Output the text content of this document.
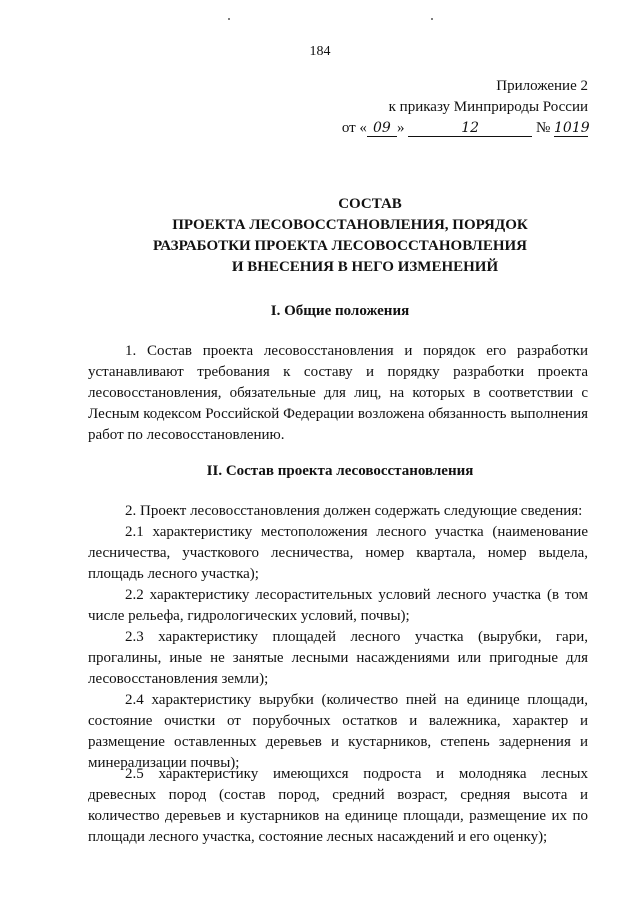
184
Приложение 2
к приказу Минприроды России
от « 09 »	12	№ 1019
СОСТАВ
ПРОЕКТА ЛЕСОВОССТАНОВЛЕНИЯ, ПОРЯДОК
РАЗРАБОТКИ ПРОЕКТА ЛЕСОВОССТАНОВЛЕНИЯ
И ВНЕСЕНИЯ В НЕГО ИЗМЕНЕНИЙ
I. Общие положения
1. Состав проекта лесовосстановления и порядок его разработки устанавливают требования к составу и порядку разработки проекта лесовосстановления, обязательные для лиц, на которых в соответствии с Лесным кодексом Российской Федерации возложена обязанность выполнения работ по лесовосстановлению.
II. Состав проекта лесовосстановления
2. Проект лесовосстановления должен содержать следующие сведения:
2.1 характеристику местоположения лесного участка (наименование лесничества, участкового лесничества, номер квартала, номер выдела, площадь лесного участка);
2.2 характеристику лесорастительных условий лесного участка (в том числе рельефа, гидрологических условий, почвы);
2.3 характеристику площадей лесного участка (вырубки, гари, прогалины, иные не занятые лесными насаждениями или пригодные для лесовосстановления земли);
2.4 характеристику вырубки (количество пней на единице площади, состояние очистки от порубочных остатков и валежника, характер и размещение оставленных деревьев и кустарников, степень задернения и минерализации почвы);
2.5 характеристику имеющихся подроста и молодняка лесных древесных пород (состав пород, средний возраст, средняя высота и количество деревьев и кустарников на единице площади, размещение их по площади лесного участка, состояние лесных насаждений и его оценку);
